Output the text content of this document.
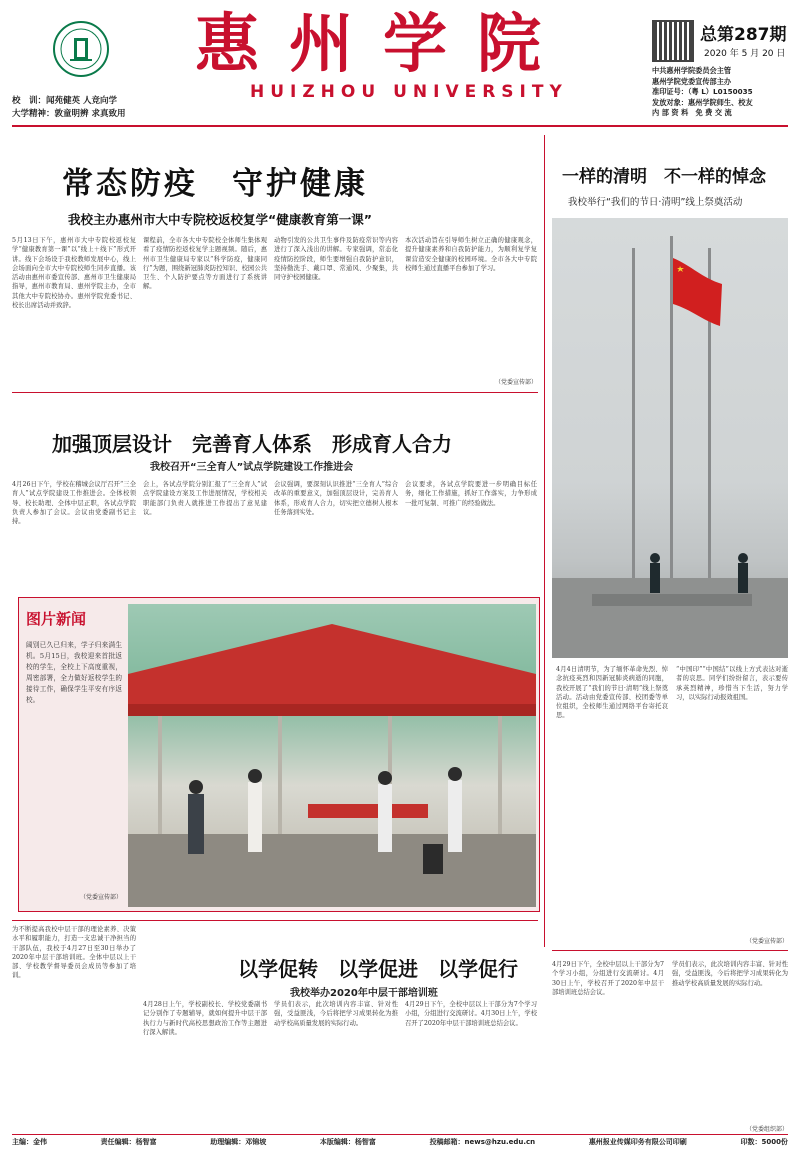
校　训：闻苑健英 人竞向学
大学精神：敦童明辨 求真致用
惠州学院
HUIZHOU UNIVERSITY
总第287期
2020 年 5 月 20 日
中共惠州学院委员会主管
惠州学院党委宣传部主办
准印证号：（粤 L）L0150035
发放对象：惠州学院师生、校友
内 部 资 料　免 费 交 流
常态防疫　守护健康
我校主办惠州市大中专院校返校复学“健康教育第一课”
5月13日下午，惠州市大中专院校返校复学“健康教育第一课”以“线上＋线下”形式开讲。线下会场设于我校教师发展中心，线上会场面向全市大中专院校师生同步直播。该活动由惠州市委宣传部、惠州市卫生健康局指导，惠州市教育局、惠州学院主办，全市其他大中专院校协办。惠州学院党委书记、校长出席活动并致辞。
课程前，全市各大中专院校全体师生集体观看了疫情防控返校复学主题视频。随后，惠州市卫生健康局专家以“科学防疫，健康同行”为题，围绕新冠肺炎防控知识、校园公共卫生、个人防护要点等方面进行了系统讲解。
动物引发的公共卫生事件及防疫常识等内容进行了深入浅出的讲解。专家强调，常态化疫情防控阶段，师生要增强自我防护意识，坚持勤洗手、戴口罩、常通风、少聚集，共同守护校园健康。
本次活动旨在引导师生树立正确的健康观念，提升健康素养和自我防护能力，为顺利复学复课营造安全健康的校园环境。全市各大中专院校师生通过直播平台参加了学习。
（党委宣传部）
一样的清明　不一样的悼念
我校举行“我们的节日·清明”线上祭奠活动
4月4日清明节，为了缅怀革命先烈、悼念抗疫英烈和因新冠肺炎病逝的同胞，我校开展了“我们的节日·清明”线上祭奠活动。活动由党委宣传部、校团委等单位组织，全校师生通过网络平台寄托哀思。
“中国印”“中国结”以线上方式表达对逝者的哀思。同学们纷纷留言，表示要传承英烈精神，珍惜当下生活，努力学习，以实际行动报效祖国。
（党委宣传部）
加强顶层设计　完善育人体系　形成育人合力
我校召开“三全育人”试点学院建设工作推进会
4月26日下午，学校在稽城会议厅召开“三全育人”试点学院建设工作推进会。全体校领导、校长助理、全体中层正职，各试点学院负责人参加了会议。会议由党委副书记主持。
会上，各试点学院分别汇报了“三全育人”试点学院建设方案及工作进展情况，学校相关职能部门负责人就推进工作提出了意见建议。
会议强调，要深刻认识推进“三全育人”综合改革的重要意义，加强顶层设计，完善育人体系，形成育人合力，切实把立德树人根本任务落到实处。
会议要求，各试点学院要进一步明确目标任务，细化工作措施，抓好工作落实，力争形成一批可复制、可推广的经验做法。
图片新闻
阔别已久已归来，学子归来满生机。5月15日，我校迎来首批返校的学生，全校上下高度重视，周密部署，全力做好返校学生的接待工作，确保学生平安有序返校。
（党委宣传部）
为不断提高我校中层干部的理论素养、决策水平和履职能力，打造一支忠诚干净担当的干部队伍，我校于4月27日至30日举办了2020年中层干部培训班。全体中层以上干部、学校教学督导委员会成员等参加了培训。	以学促转　以学促进　以学促行
我校举办2020年中层干部培训班
4月28日上午，学校副校长、学校党委副书记分别作了专题辅导，就如何提升中层干部执行力与新时代高校思想政治工作等主题进行深入解读。
学员们表示，此次培训内容丰富、针对性强，受益匪浅，今后将把学习成果转化为推动学校高质量发展的实际行动。
4月29日下午，全校中层以上干部分为7个学习小组，分组进行交流研讨。4月30日上午，学校召开了2020年中层干部培训班总结会议。
4月29日下午，全校中层以上干部分为7个学习小组，分组进行交流研讨。4月30日上午，学校召开了2020年中层干部培训班总结会议。
学员们表示，此次培训内容丰富、针对性强，受益匪浅，今后将把学习成果转化为推动学校高质量发展的实际行动。
（党委组织部）
主编：金伟	责任编辑：杨智富	助理编辑：邓锦坡	本版编辑：杨智富	投稿邮箱：news@hzu.edu.cn	惠州报业传媒印务有限公司印刷	印数：5000份
